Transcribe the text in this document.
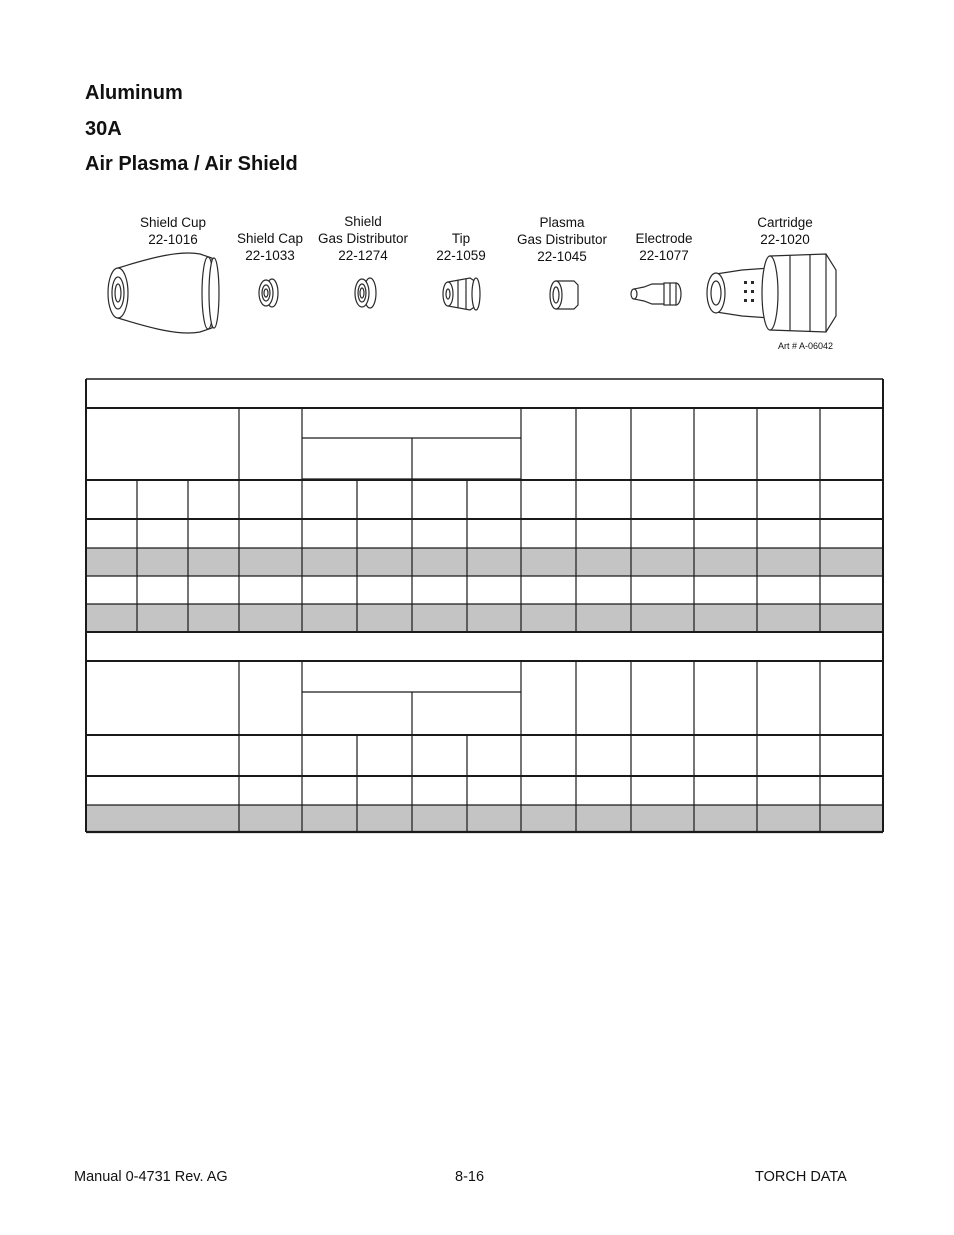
Aluminum
30A
Air Plasma / Air Shield
Shield Cup
22-1016	Shield Cap
22-1033
Shield
Gas Distributor
22-1274
Tip
22-1059
Plasma
Gas Distributor
22-1045
Electrode
22-1077
Cartridge
22-1020
Art # A-06042
Manual 0-4731 Rev. AG	8-16	TORCH DATA
